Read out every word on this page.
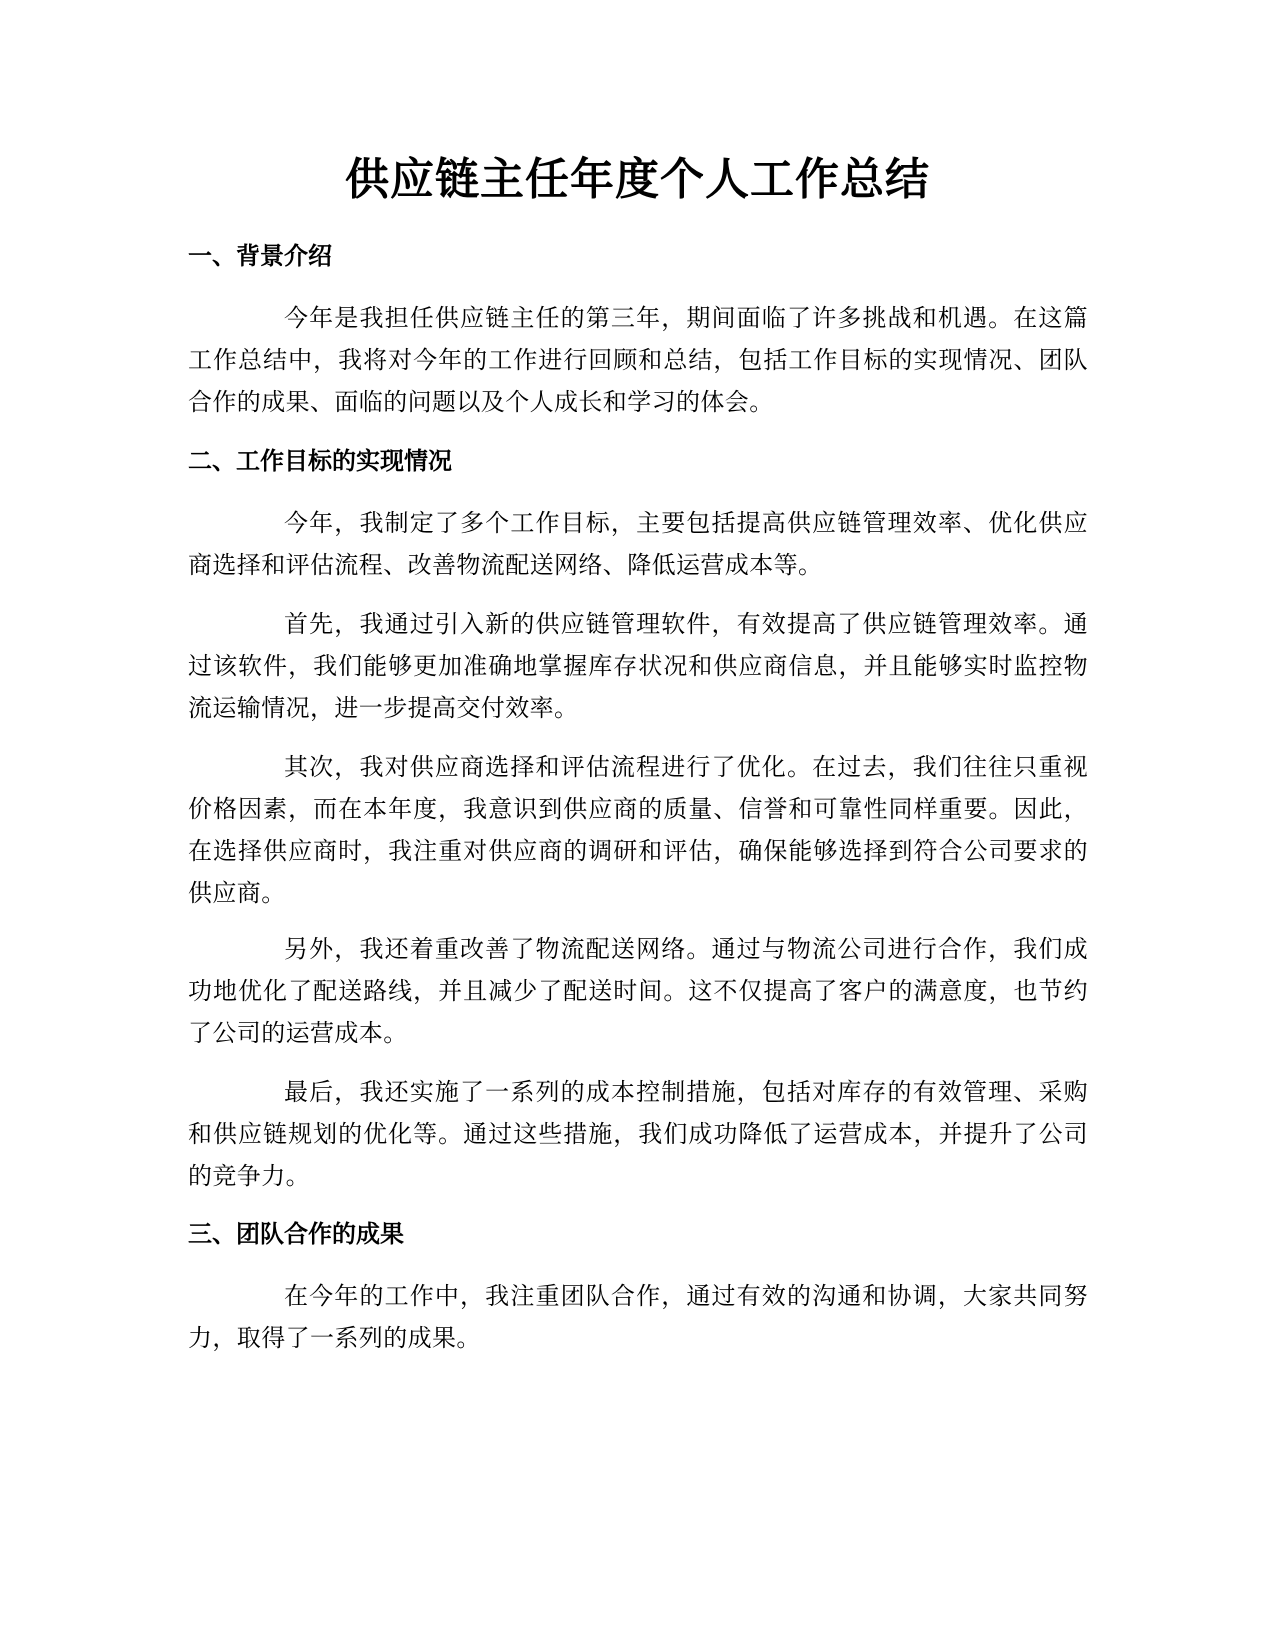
供应链主任年度个人工作总结
一、背景介绍

今年是我担任供应链主任的第三年，期间面临了许多挑战和机遇。在这篇工作总结中，我将对今年的工作进行回顾和总结，包括工作目标的实现情况、团队合作的成果、面临的问题以及个人成长和学习的体会。

二、工作目标的实现情况

今年，我制定了多个工作目标，主要包括提高供应链管理效率、优化供应商选择和评估流程、改善物流配送网络、降低运营成本等。

首先，我通过引入新的供应链管理软件，有效提高了供应链管理效率。通过该软件，我们能够更加准确地掌握库存状况和供应商信息，并且能够实时监控物流运输情况，进一步提高交付效率。

其次，我对供应商选择和评估流程进行了优化。在过去，我们往往只重视价格因素，而在本年度，我意识到供应商的质量、信誉和可靠性同样重要。因此，在选择供应商时，我注重对供应商的调研和评估，确保能够选择到符合公司要求的供应商。

另外，我还着重改善了物流配送网络。通过与物流公司进行合作，我们成功地优化了配送路线，并且减少了配送时间。这不仅提高了客户的满意度，也节约了公司的运营成本。

最后，我还实施了一系列的成本控制措施，包括对库存的有效管理、采购和供应链规划的优化等。通过这些措施，我们成功降低了运营成本，并提升了公司的竞争力。

三、团队合作的成果

在今年的工作中，我注重团队合作，通过有效的沟通和协调，大家共同努力，取得了一系列的成果。
